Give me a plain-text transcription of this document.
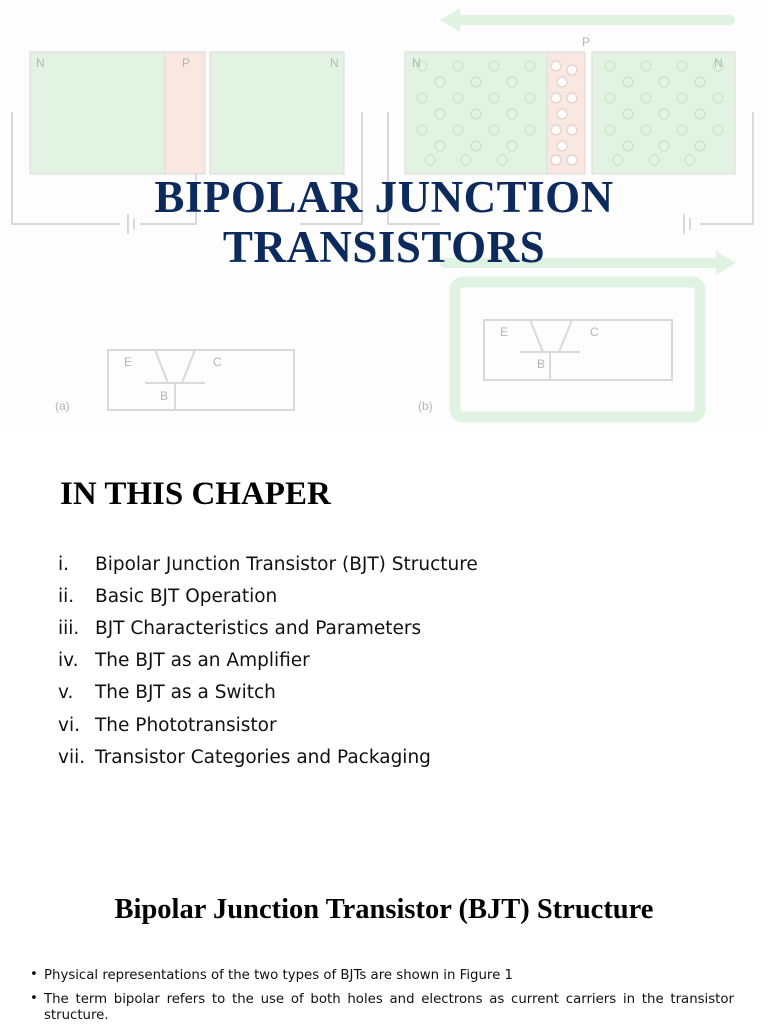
N	P	N	N
P
N
(a)	(b)
E	C
B
E	C
B
BIPOLAR JUNCTION
TRANSISTORS
IN THIS CHAPER
i.	Bipolar Junction Transistor (BJT) Structure
ii.	Basic BJT Operation
iii. BJT Characteristics and Parameters
iv. The BJT as an Amplifier
v.	The BJT as a Switch
vi. The Phototransistor
vii. Transistor Categories and Packaging
Bipolar Junction Transistor (BJT) Structure
• Physical representations of the two types of BJTs are shown in Figure 1
• The term bipolar refers to the use of both holes and electrons as current carriers in the transistor structure.
